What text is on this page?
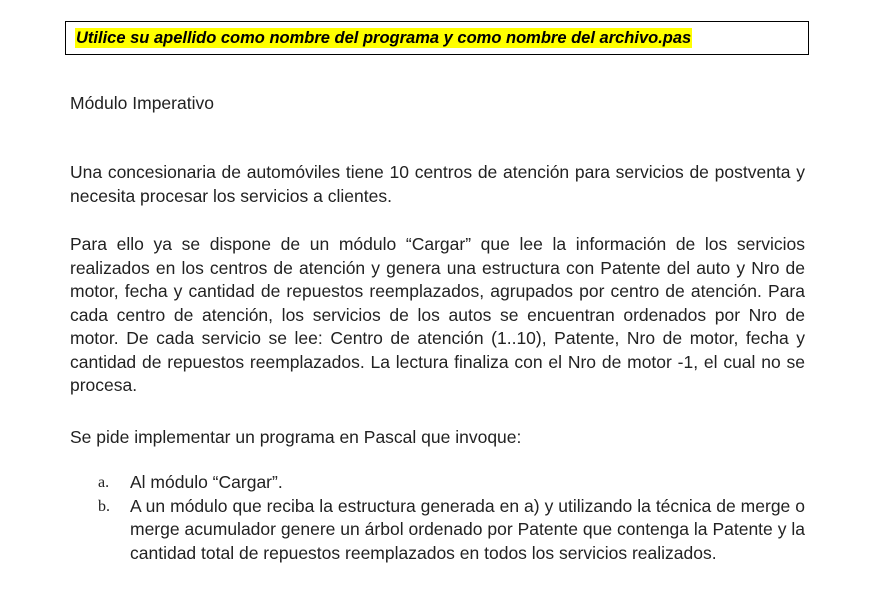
Utilice su apellido como nombre del programa y como nombre del archivo.pas
Módulo Imperativo

Una concesionaria de automóviles tiene 10 centros de atención para servicios de postventa y necesita procesar los servicios a clientes.

Para ello ya se dispone de un módulo “Cargar” que lee la información de los servicios realizados en los centros de atención y genera una estructura con Patente del auto y Nro de motor, fecha y cantidad de repuestos reemplazados, agrupados por centro de atención. Para cada centro de atención, los servicios de los autos se encuentran ordenados por Nro de motor. De cada servicio se lee: Centro de atención (1..10), Patente, Nro de motor, fecha y cantidad de repuestos reemplazados. La lectura finaliza con el Nro de motor -1, el cual no se procesa.

Se pide implementar un programa en Pascal que invoque:

a.	Al módulo “Cargar”.
b.	A un módulo que reciba la estructura generada en a) y utilizando la técnica de merge o merge acumulador genere un árbol ordenado por Patente que contenga la Patente y la cantidad total de repuestos reemplazados en todos los servicios realizados.
